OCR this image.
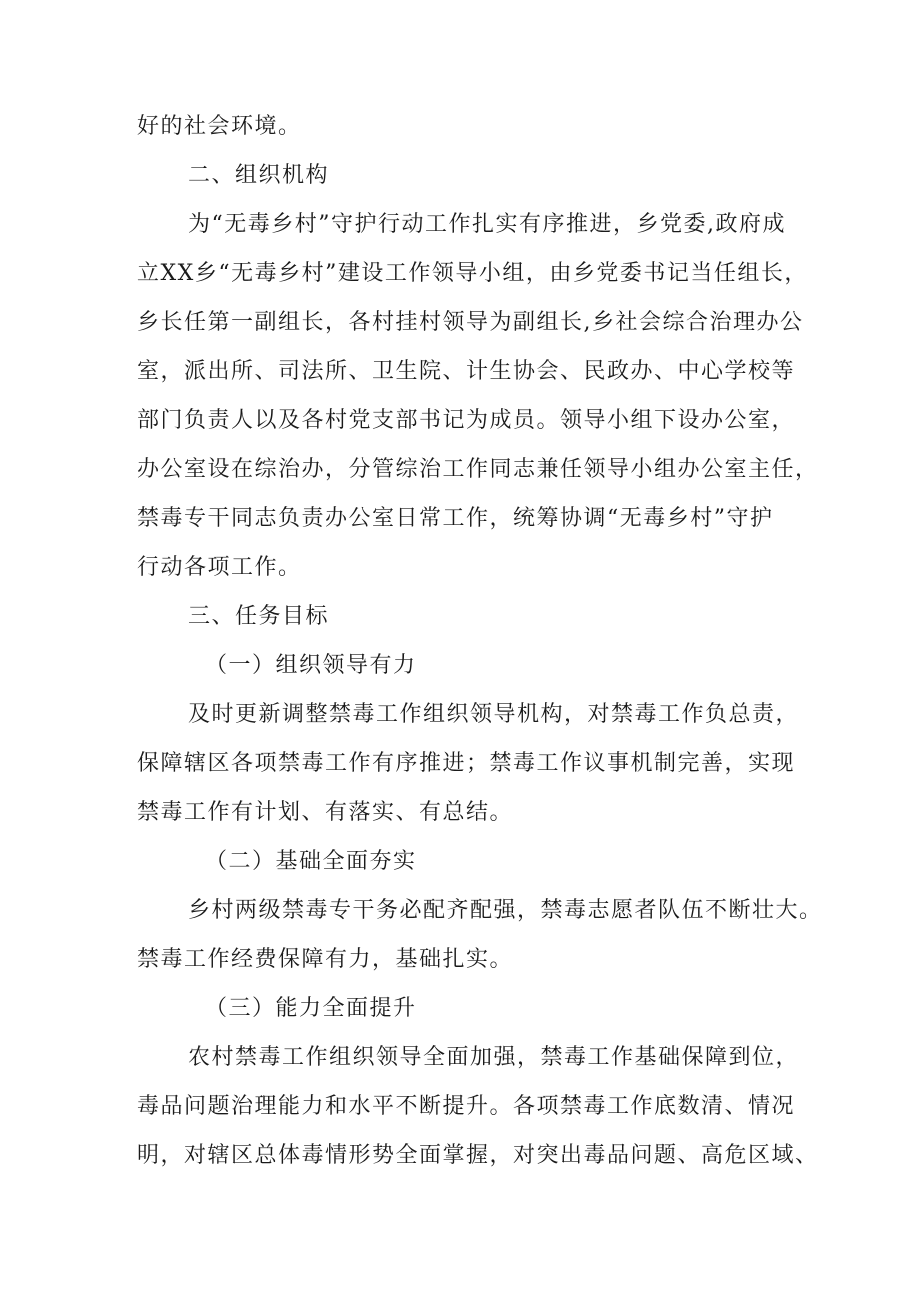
好的社会环境。
二、组织机构
为“无毒乡村”守护行动工作扎实有序推进，乡党委,政府成
立XX乡“无毒乡村”建设工作领导小组，由乡党委书记当任组长，
乡长任第一副组长，各村挂村领导为副组长,乡社会综合治理办公
室，派出所、司法所、卫生院、计生协会、民政办、中心学校等
部门负责人以及各村党支部书记为成员。领导小组下设办公室，
办公室设在综治办，分管综治工作同志兼任领导小组办公室主任，
禁毒专干同志负责办公室日常工作，统筹协调“无毒乡村”守护
行动各项工作。
三、任务目标
（一）组织领导有力
及时更新调整禁毒工作组织领导机构，对禁毒工作负总责，
保障辖区各项禁毒工作有序推进；禁毒工作议事机制完善，实现
禁毒工作有计划、有落实、有总结。
（二）基础全面夯实
乡村两级禁毒专干务必配齐配强，禁毒志愿者队伍不断壮大。
禁毒工作经费保障有力，基础扎实。
（三）能力全面提升
农村禁毒工作组织领导全面加强，禁毒工作基础保障到位，
毒品问题治理能力和水平不断提升。各项禁毒工作底数清、情况
明，对辖区总体毒情形势全面掌握，对突出毒品问题、高危区域、
